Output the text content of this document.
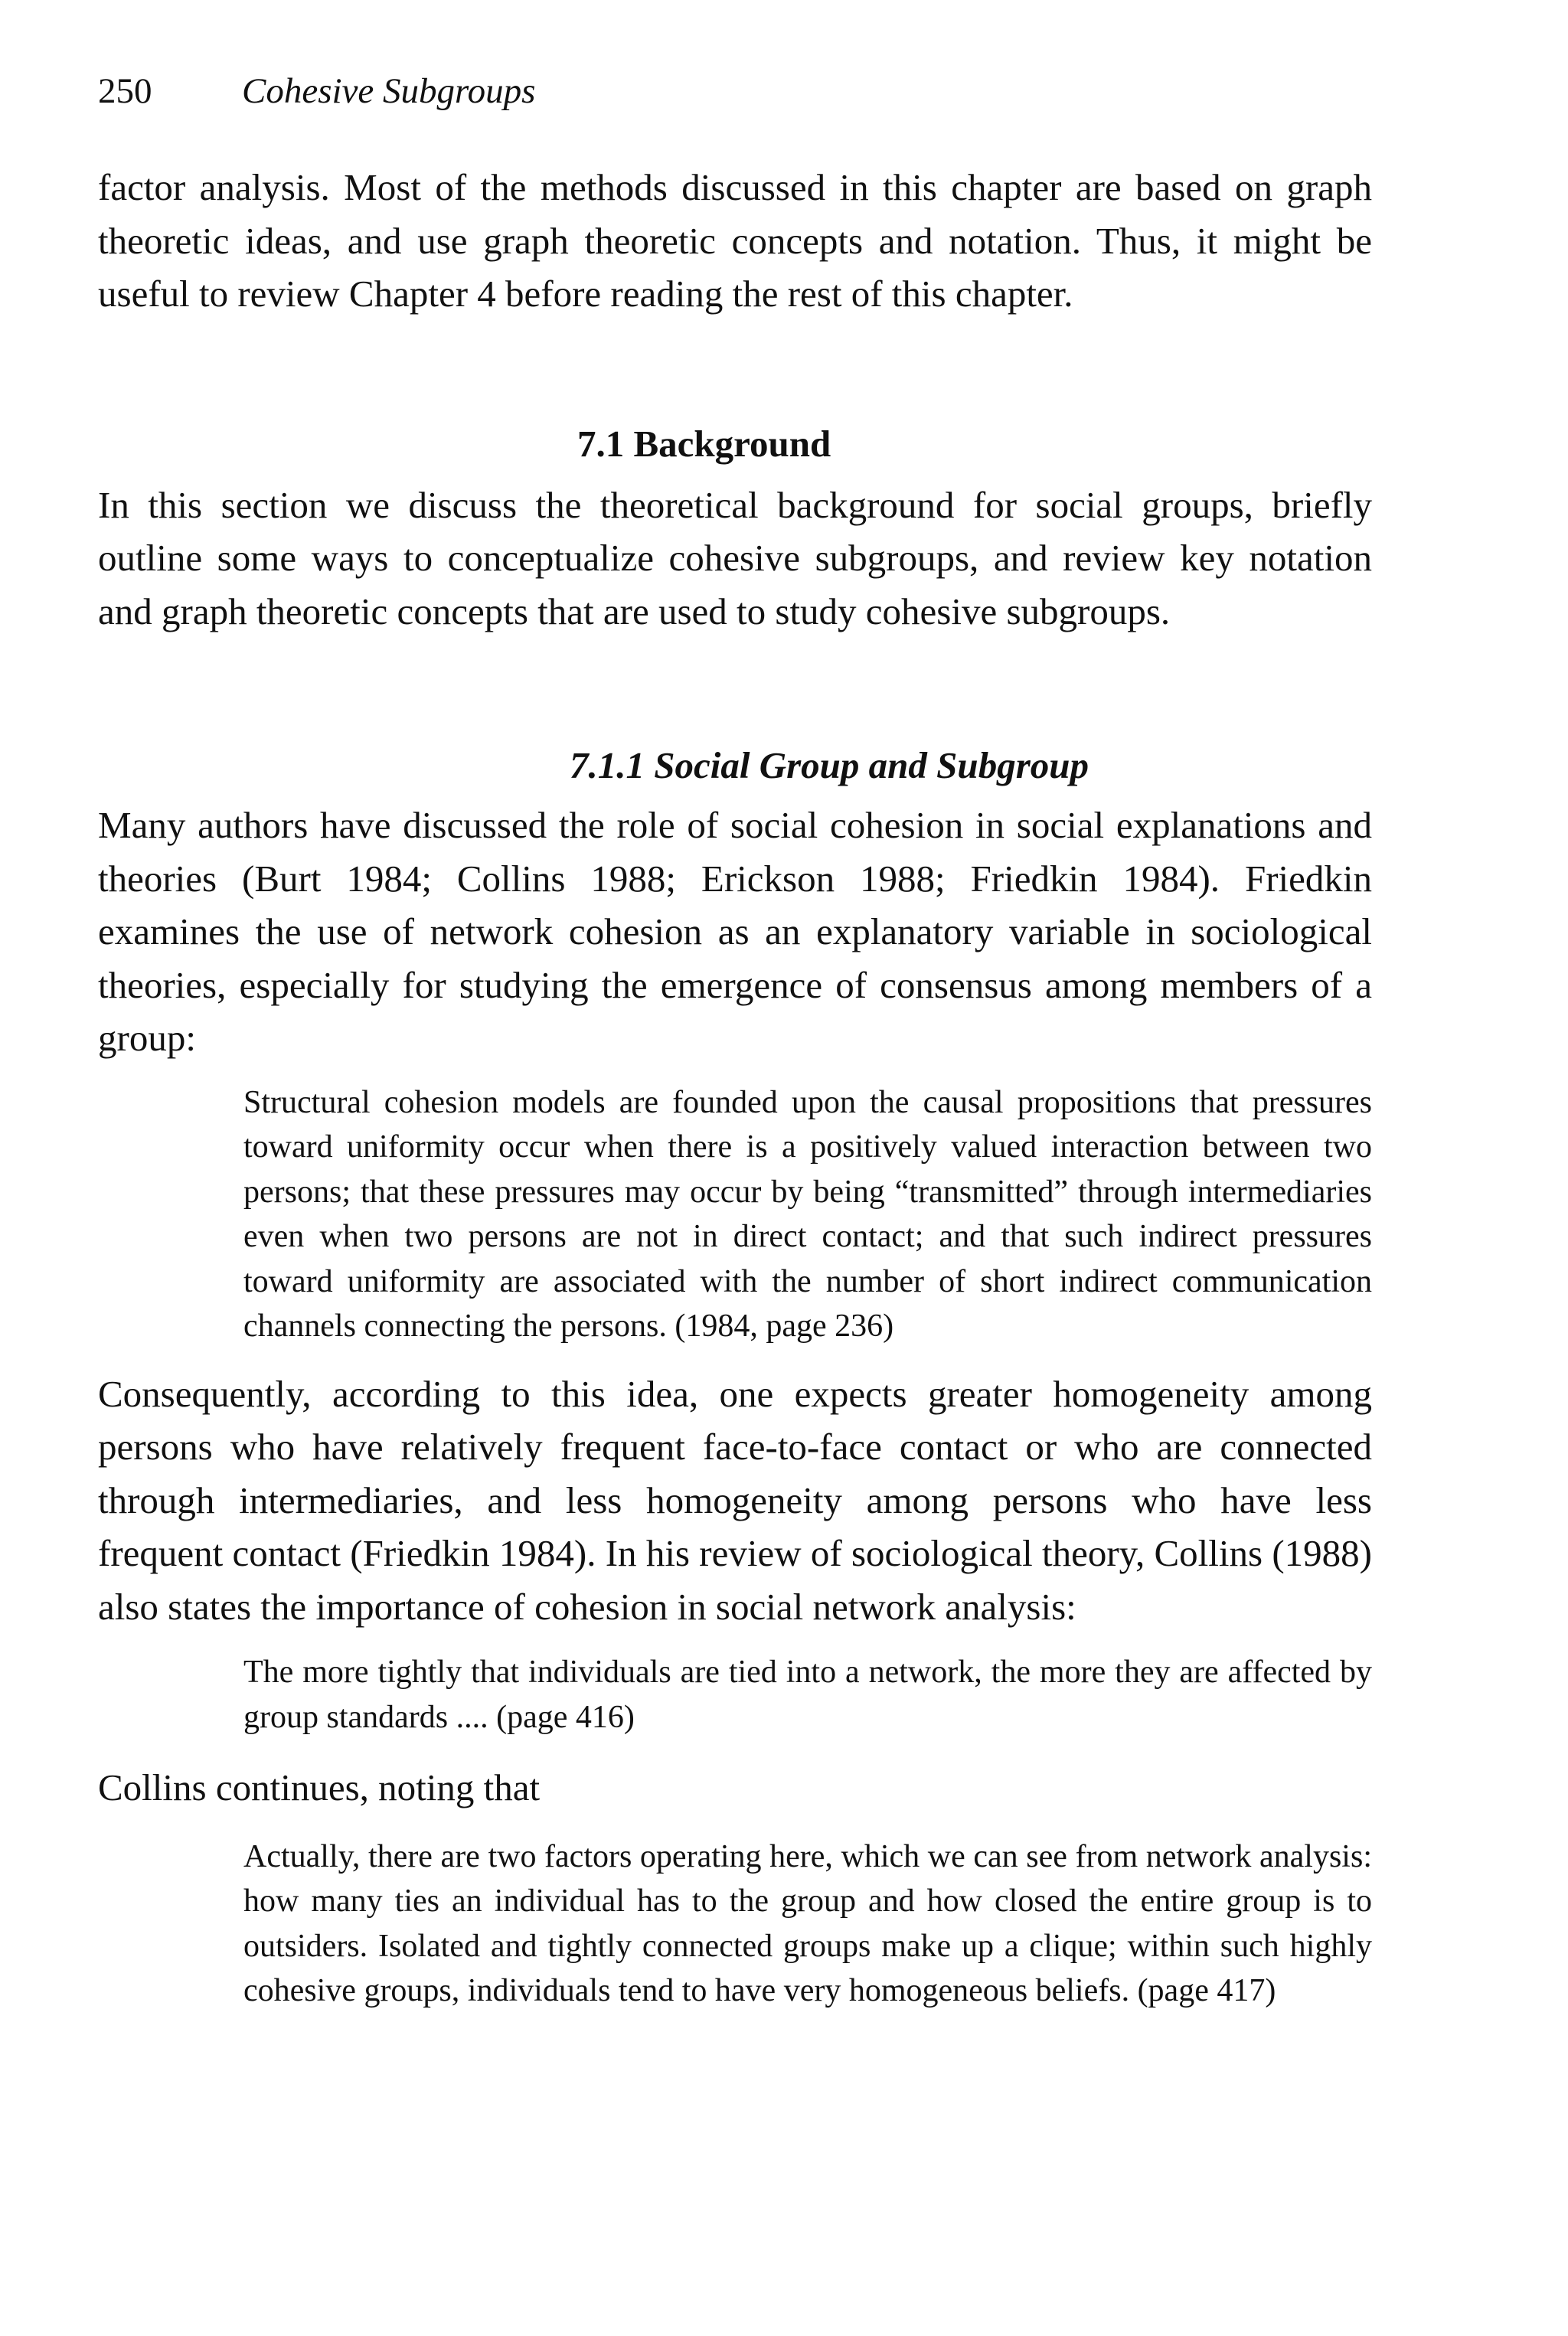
250	Cohesive Subgroups

factor analysis. Most of the methods discussed in this chapter are based on graph theoretic ideas, and use graph theoretic concepts and notation. Thus, it might be useful to review Chapter 4 before reading the rest of this chapter.

7.1 Background

In this section we discuss the theoretical background for social groups, briefly outline some ways to conceptualize cohesive subgroups, and review key notation and graph theoretic concepts that are used to study cohesive subgroups.

7.1.1 Social Group and Subgroup

Many authors have discussed the role of social cohesion in social explanations and theories (Burt 1984; Collins 1988; Erickson 1988; Friedkin 1984). Friedkin examines the use of network cohesion as an explanatory variable in sociological theories, especially for studying the emergence of consensus among members of a group:

Structural cohesion models are founded upon the causal propositions that pressures toward uniformity occur when there is a positively valued interaction between two persons; that these pressures may occur by being “transmitted” through intermediaries even when two persons are not in direct contact; and that such indirect pressures toward uniformity are associated with the number of short indirect communication channels connecting the persons. (1984, page 236)

Consequently, according to this idea, one expects greater homogeneity among persons who have relatively frequent face-to-face contact or who are connected through intermediaries, and less homogeneity among persons who have less frequent contact (Friedkin 1984). In his review of sociological theory, Collins (1988) also states the importance of cohesion in social network analysis:

The more tightly that individuals are tied into a network, the more they are affected by group standards .... (page 416)

Collins continues, noting that

Actually, there are two factors operating here, which we can see from network analysis: how many ties an individual has to the group and how closed the entire group is to outsiders. Isolated and tightly connected groups make up a clique; within such highly cohesive groups, individuals tend to have very homogeneous beliefs. (page 417)
